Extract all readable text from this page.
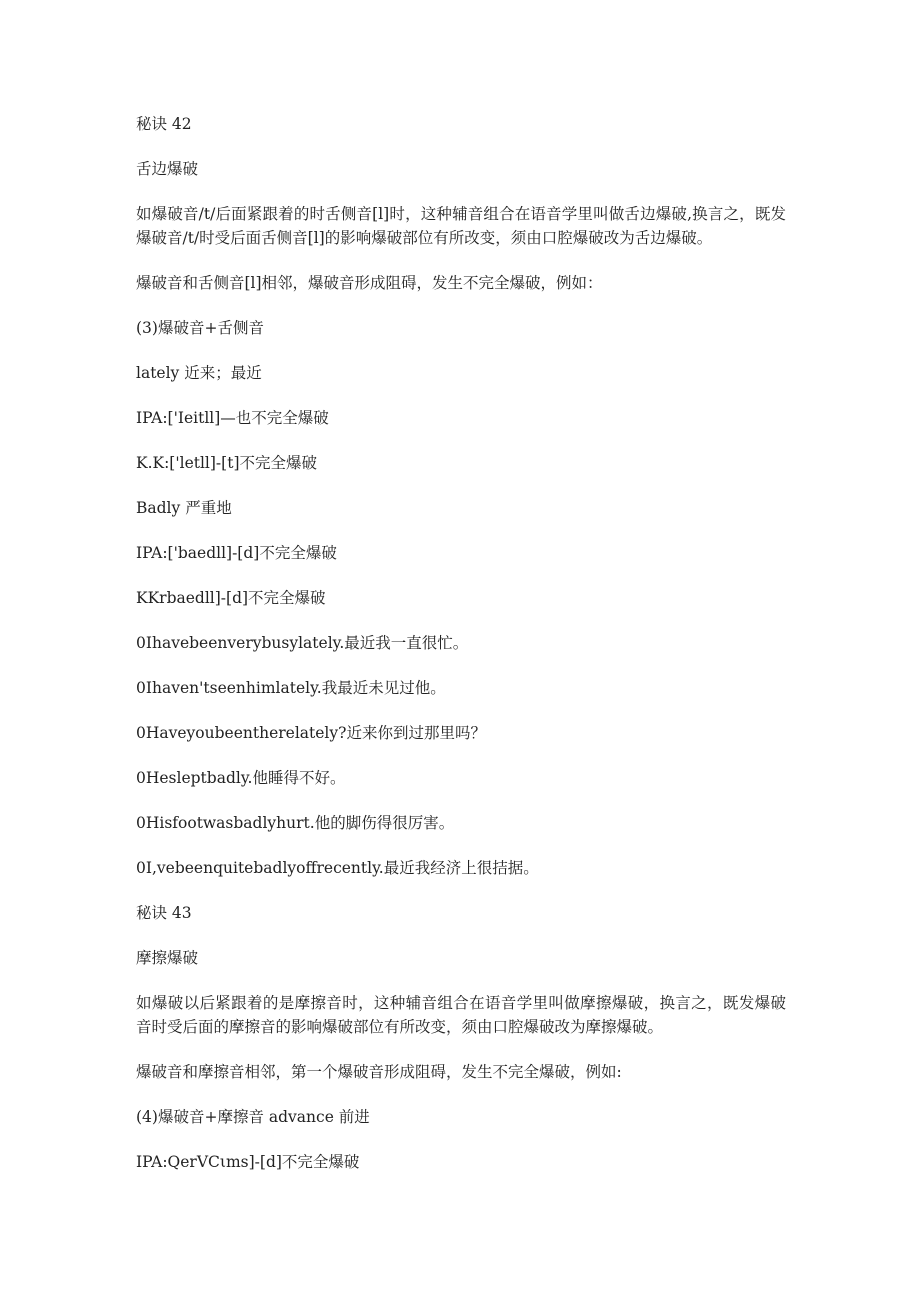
秘诀 42
舌边爆破
如爆破音/t/后面紧跟着的时舌侧音[l]时，这种辅音组合在语音学里叫做舌边爆破,换言之，既发爆破音/t/时受后面舌侧音[l]的影响爆破部位有所改变，须由口腔爆破改为舌边爆破。
爆破音和舌侧音[l]相邻，爆破音形成阻碍，发生不完全爆破，例如：
(3)爆破音+舌侧音
lately 近来；最近
IPA:['Ieitll]—也不完全爆破
K.K:['letll]-[t]不完全爆破
Badly 严重地
IPA:['baedll]-[d]不完全爆破
KKrbaedll]-[d]不完全爆破
0Ihavebeenverybusylately.最近我一直很忙。
0Ihaven'tseenhimlately.我最近未见过他。
0Haveyoubeentherelately?近来你到过那里吗？
0Hesleptbadly.他睡得不好。
0Hisfootwasbadlyhurt.他的脚伤得很厉害。
0I,vebeenquitebadlyoffrecently.最近我经济上很拮据。
秘诀 43
摩擦爆破
如爆破以后紧跟着的是摩擦音时，这种辅音组合在语音学里叫做摩擦爆破，换言之，既发爆破音时受后面的摩擦音的影响爆破部位有所改变，须由口腔爆破改为摩擦爆破。
爆破音和摩擦音相邻，第一个爆破音形成阻碍，发生不完全爆破，例如:
(4)爆破音+摩擦音 advance 前进
IPA:QerVCιms]-[d]不完全爆破
